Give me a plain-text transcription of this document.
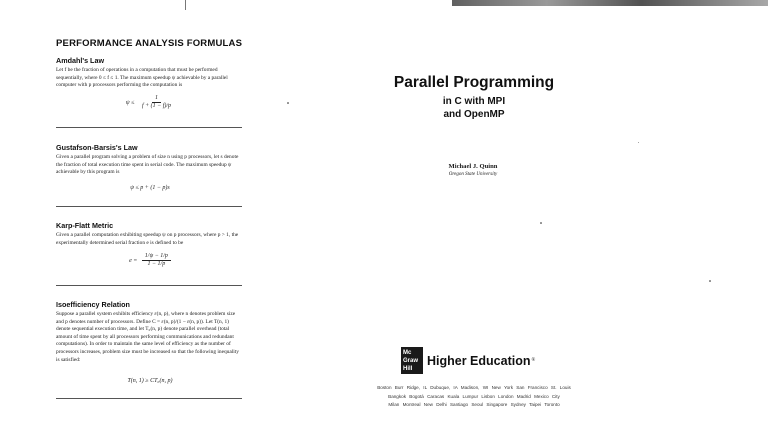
PERFORMANCE ANALYSIS FORMULAS
Amdahl's Law

Let f be the fraction of operations in a computation that must be performed sequentially, where 0 ≤ f ≤ 1. The maximum speedup ψ achievable by a parallel computer with p processors performing the computation is

$\psi \le \frac{1}{f + (1 - f)/p}$
Gustafson-Barsis's Law

Given a parallel program solving a problem of size n using p processors, let s denote the fraction of total execution time spent in serial code. The maximum speedup ψ achievable by this program is

ψ ≤ p + (1 − p)s

Karp-Flatt Metric

Given a parallel computation exhibiting speedup ψ on p processors, where p > 1, the experimentally determined serial fraction e is defined to be

$e = \frac{1/\psi - 1/p}{1 - 1/p}$
Isoefficiency Relation

Suppose a parallel system exhibits efficiency ε(n, p), where n denotes problem size and p denotes number of processors. Define C = ε(n, p)/(1 − ε(n, p)). Let T(n, 1) denote sequential execution time, and let T₀(n, p) denote parallel overhead (total amount of time spent by all processors performing communications and redundant computations). In order to maintain the same level of efficiency as the number of processors increases, problem size must be increased so that the following inequality is satisfied:

T(n, 1) ≥ CT₀(n, p)

Parallel Programming
in C with MPI
and OpenMP

Michael J. Quinn

Oregon State University

Mc
Graw
Hill
Higher Education ®
Boston Burr Ridge, IL Dubuque, IA Madison, WI New York San Francisco St. Louis
Bangkok Bogotá Caracas Kuala Lumpur Lisbon London Madrid Mexico City
Milan Montreal New Delhi Santiago Seoul Singapore Sydney Taipei Toronto
